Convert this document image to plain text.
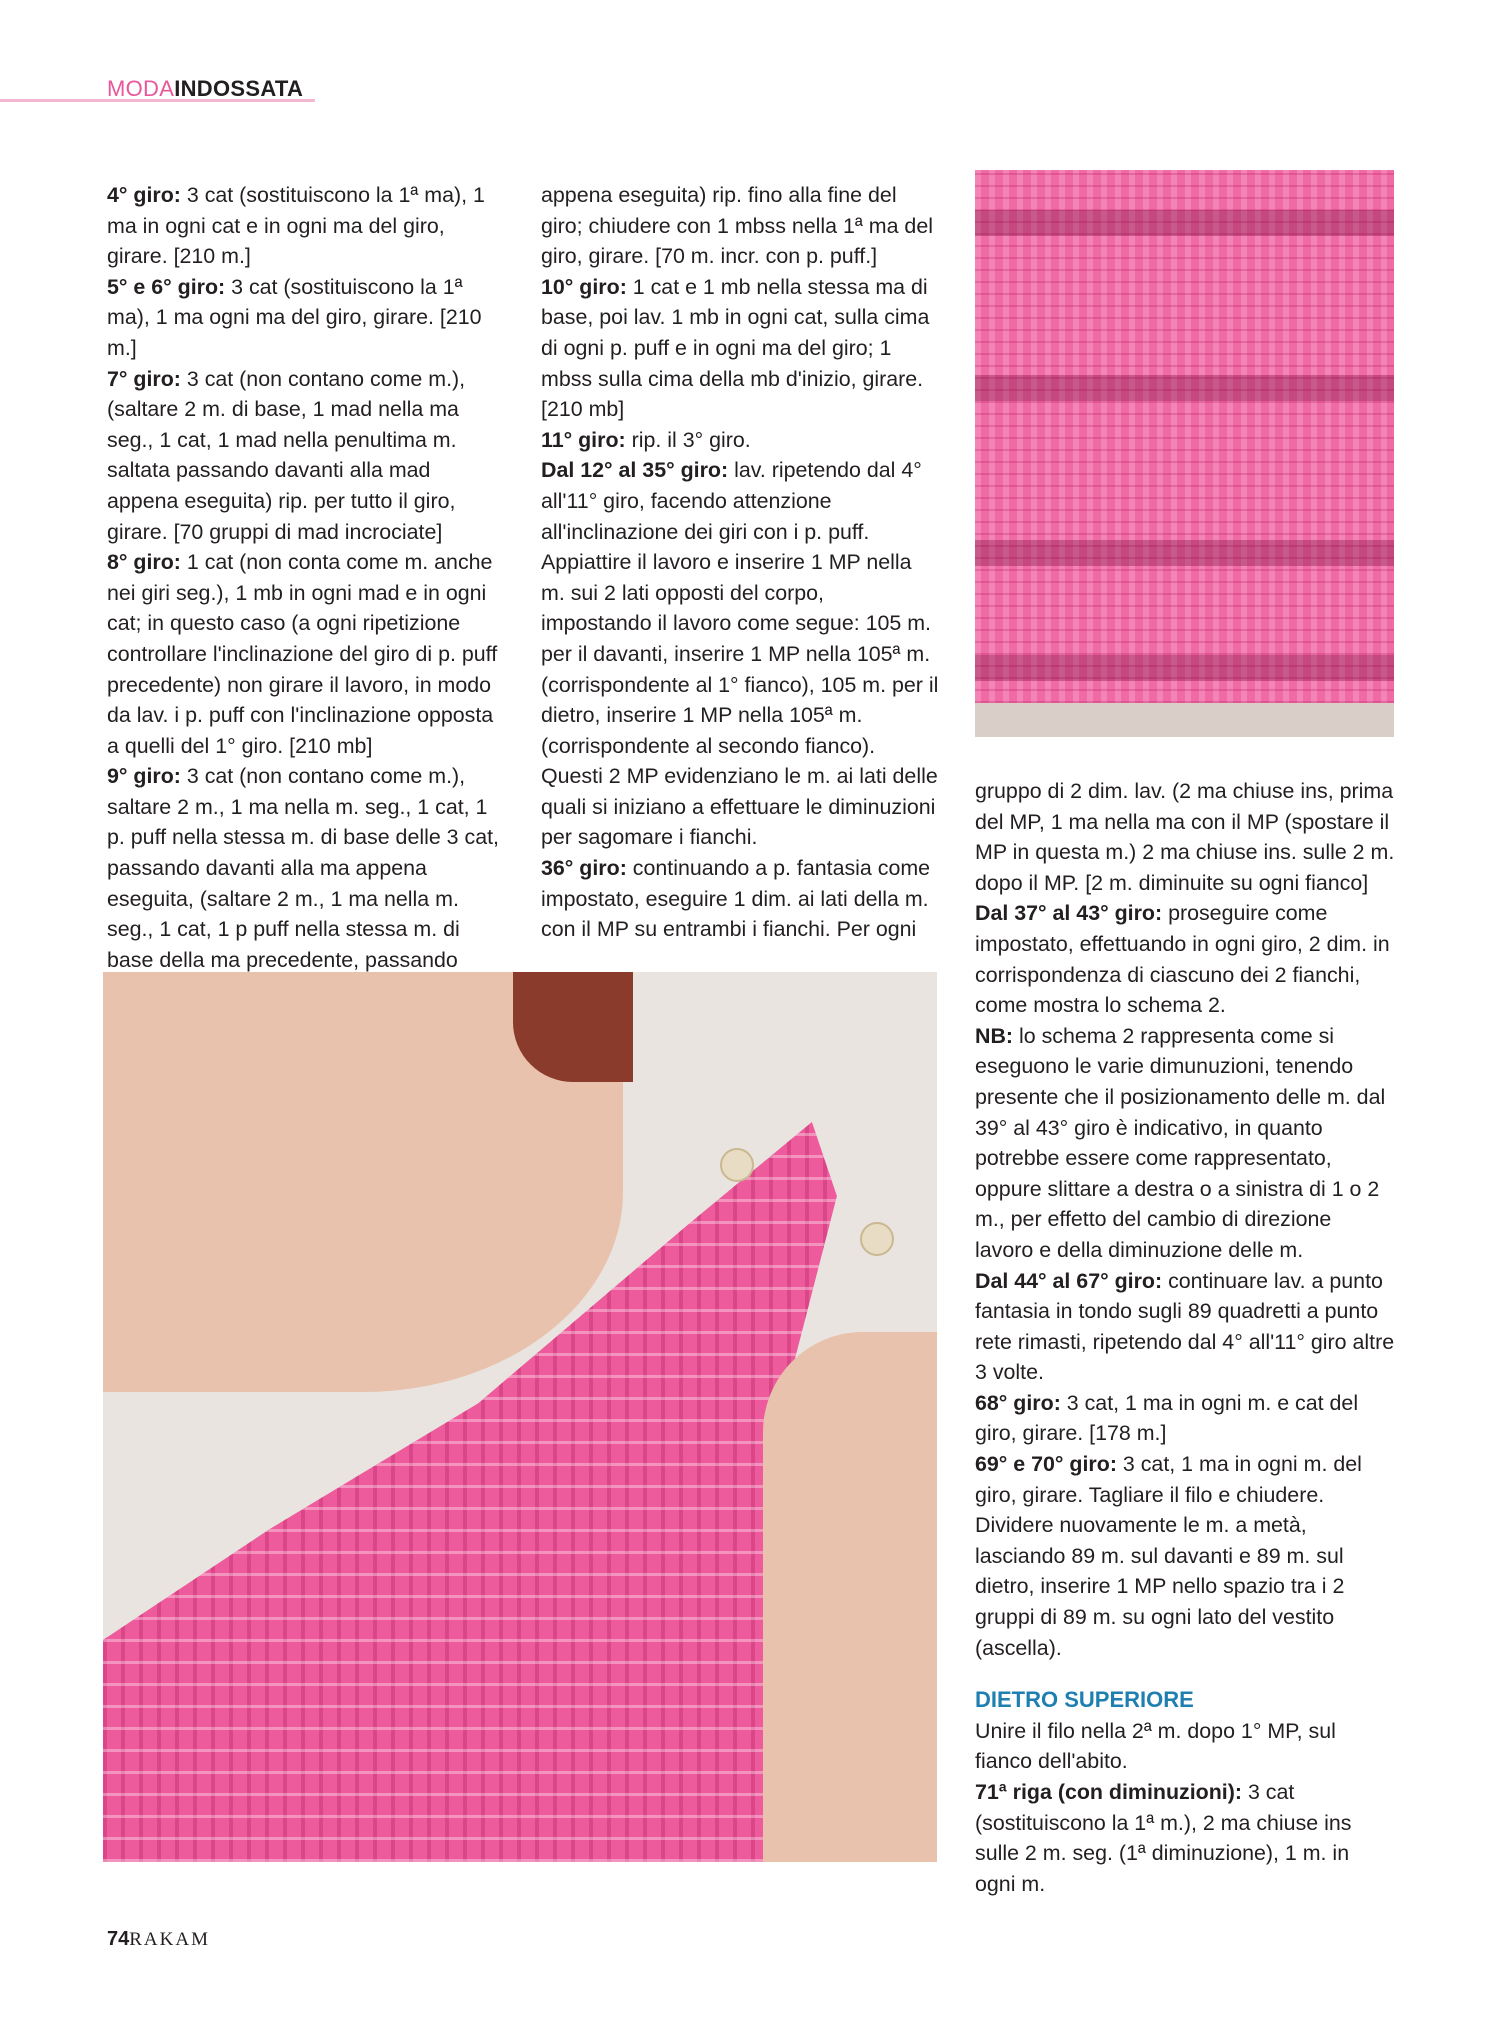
MODAINDOSSATA

4° giro: 3 cat (sostituiscono la 1ª ma), 1 ma in ogni cat e in ogni ma del giro, girare. [210 m.]

5° e 6° giro: 3 cat (sostituiscono la 1ª ma), 1 ma ogni ma del giro, girare. [210 m.]

7° giro: 3 cat (non contano come m.), (saltare 2 m. di base, 1 mad nella ma seg., 1 cat, 1 mad nella penultima m. saltata passando davanti alla mad appena eseguita) rip. per tutto il giro, girare. [70 gruppi di mad incrociate]

8° giro: 1 cat (non conta come m. anche nei giri seg.), 1 mb in ogni mad e in ogni cat; in questo caso (a ogni ripetizione controllare l'inclinazione del giro di p. puff precedente) non girare il lavoro, in modo da lav. i p. puff con l'inclinazione opposta a quelli del 1° giro. [210 mb]

9° giro: 3 cat (non contano come m.), saltare 2 m., 1 ma nella m. seg., 1 cat, 1 p. puff nella stessa m. di base delle 3 cat, passando davanti alla ma appena eseguita, (saltare 2 m., 1 ma nella m. seg., 1 cat, 1 p puff nella stessa m. di base della ma precedente, passando

appena eseguita) rip. fino alla fine del giro; chiudere con 1 mbss nella 1ª ma del giro, girare. [70 m. incr. con p. puff.]

10° giro: 1 cat e 1 mb nella stessa ma di base, poi lav. 1 mb in ogni cat, sulla cima di ogni p. puff e in ogni ma del giro; 1 mbss sulla cima della mb d'inizio, girare. [210 mb]

11° giro: rip. il 3° giro.

Dal 12° al 35° giro: lav. ripetendo dal 4° all'11° giro, facendo attenzione all'inclinazione dei giri con i p. puff.

Appiattire il lavoro e inserire 1 MP nella m. sui 2 lati opposti del corpo, impostando il lavoro come segue: 105 m. per il davanti, inserire 1 MP nella 105ª m. (corrispondente al 1° fianco), 105 m. per il dietro, inserire 1 MP nella 105ª m. (corrispondente al secondo fianco). Questi 2 MP evidenziano le m. ai lati delle quali si iniziano a effettuare le diminuzioni per sagomare i fianchi.

36° giro: continuando a p. fantasia come impostato, eseguire 1 dim. ai lati della m. con il MP su entrambi i fianchi. Per ogni

gruppo di 2 dim. lav. (2 ma chiuse ins, prima del MP, 1 ma nella ma con il MP (spostare il MP in questa m.) 2 ma chiuse ins. sulle 2 m. dopo il MP. [2 m. diminuite su ogni fianco]

Dal 37° al 43° giro: proseguire come impostato, effettuando in ogni giro, 2 dim. in corrispondenza di ciascuno dei 2 fianchi, come mostra lo schema 2.

NB: lo schema 2 rappresenta come si eseguono le varie dimunuzioni, tenendo presente che il posizionamento delle m. dal 39° al 43° giro è indicativo, in quanto potrebbe essere come rappresentato, oppure slittare a destra o a sinistra di 1 o 2 m., per effetto del cambio di direzione lavoro e della diminuzione delle m.

Dal 44° al 67° giro: continuare lav. a punto fantasia in tondo sugli 89 quadretti a punto rete rimasti, ripetendo dal 4° all'11° giro altre 3 volte.

68° giro: 3 cat, 1 ma in ogni m. e cat del giro, girare. [178 m.]

69° e 70° giro: 3 cat, 1 ma in ogni m. del giro, girare. Tagliare il filo e chiudere.

Dividere nuovamente le m. a metà, lasciando 89 m. sul davanti e 89 m. sul dietro, inserire 1 MP nello spazio tra i 2 gruppi di 89 m. su ogni lato del vestito (ascella).

DIETRO SUPERIORE

Unire il filo nella 2ª m. dopo 1° MP, sul fianco dell'abito.

71ª riga (con diminuzioni): 3 cat (sostituiscono la 1ª m.), 2 ma chiuse ins sulle 2 m. seg. (1ª diminuzione), 1 m. in ogni m.

74RAKAM
